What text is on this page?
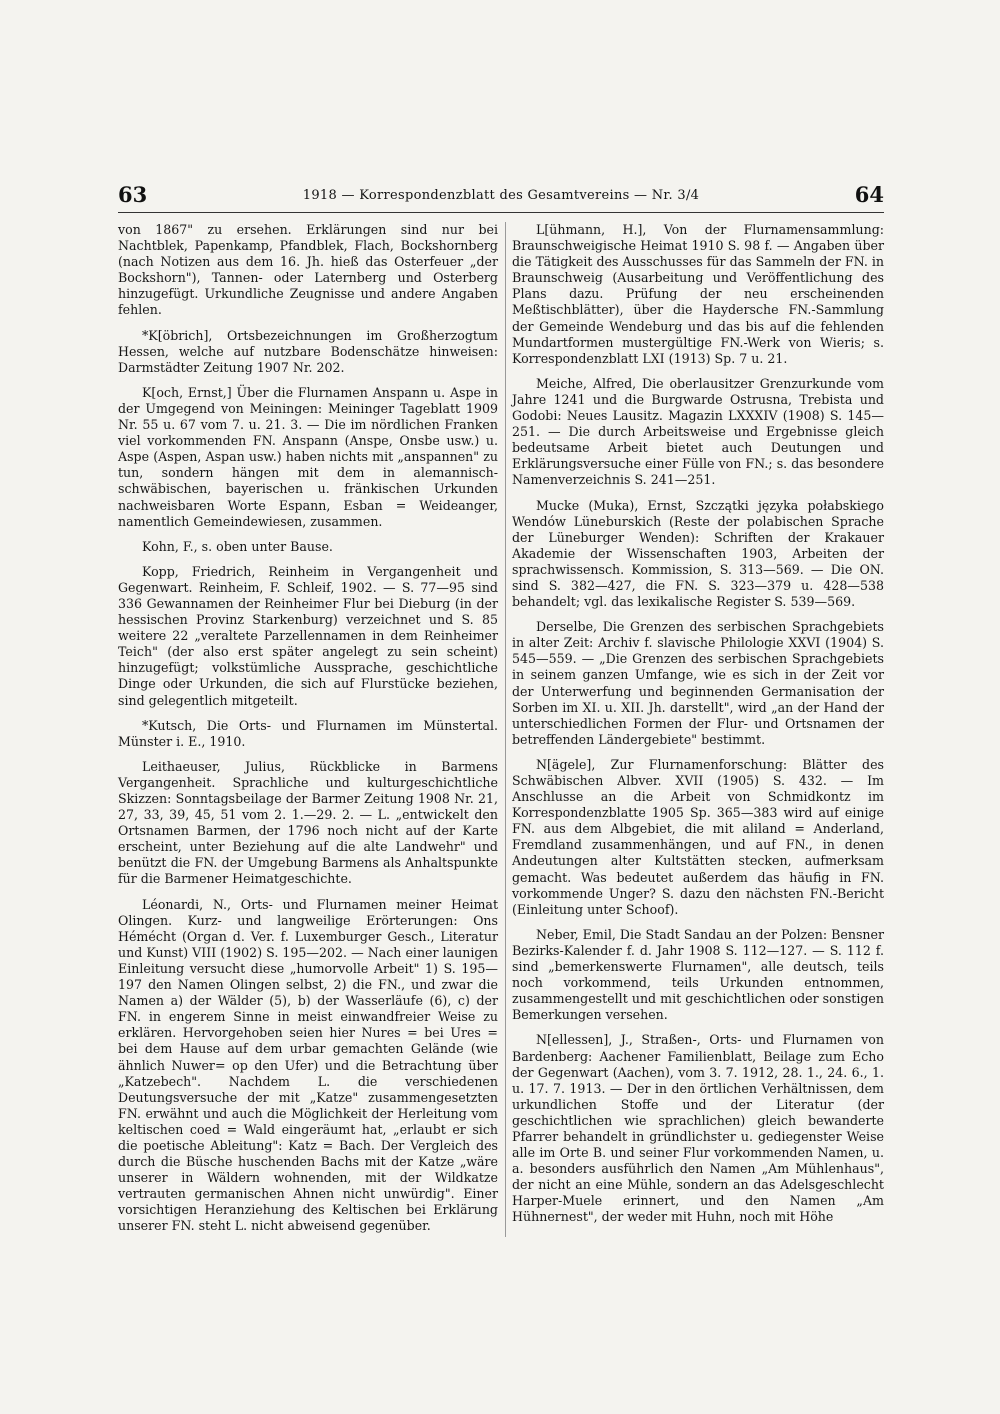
63	1918 — Korrespondenzblatt des Gesamtvereins — Nr. 3/4	64

von 1867" zu ersehen. Erklärungen sind nur bei Nachtblek, Papenkamp, Pfandblek, Flach, Bockshornberg (nach Notizen aus dem 16. Jh. hieß das Osterfeuer „der Bockshorn"), Tannen- oder Laternberg und Osterberg hinzugefügt. Urkundliche Zeugnisse und andere Angaben fehlen.

*K[öbrich], Ortsbezeichnungen im Großherzogtum Hessen, welche auf nutzbare Bodenschätze hinweisen: Darmstädter Zeitung 1907 Nr. 202.

K[och, Ernst,] Über die Flurnamen Anspann u. Aspe in der Umgegend von Meiningen: Meininger Tageblatt 1909 Nr. 55 u. 67 vom 7. u. 21. 3. — Die im nördlichen Franken viel vorkommenden FN. Anspann (Anspe, Onsbe usw.) u. Aspe (Aspen, Aspan usw.) haben nichts mit „anspannen" zu tun, sondern hängen mit dem in alemannisch-schwäbischen, bayerischen u. fränkischen Urkunden nachweisbaren Worte Espann, Esban = Weideanger, namentlich Gemeindewiesen, zusammen.

Kohn, F., s. oben unter Bause.

Kopp, Friedrich, Reinheim in Vergangenheit und Gegenwart. Reinheim, F. Schleif, 1902. — S. 77—95 sind 336 Gewannamen der Reinheimer Flur bei Dieburg (in der hessischen Provinz Starkenburg) verzeichnet und S. 85 weitere 22 „veraltete Parzellennamen in dem Reinheimer Teich" (der also erst später angelegt zu sein scheint) hinzugefügt; volkstümliche Aussprache, geschichtliche Dinge oder Urkunden, die sich auf Flurstücke beziehen, sind gelegentlich mitgeteilt.

*Kutsch, Die Orts- und Flurnamen im Münstertal. Münster i. E., 1910.

Leithaeuser, Julius, Rückblicke in Barmens Vergangenheit. Sprachliche und kulturgeschichtliche Skizzen: Sonntagsbeilage der Barmer Zeitung 1908 Nr. 21, 27, 33, 39, 45, 51 vom 2. 1.—29. 2. — L. „entwickelt den Ortsnamen Barmen, der 1796 noch nicht auf der Karte erscheint, unter Beziehung auf die alte Landwehr" und benützt die FN. der Umgebung Barmens als Anhaltspunkte für die Barmener Heimatgeschichte.

Léonardi, N., Orts- und Flurnamen meiner Heimat Olingen. Kurz- und langweilige Erörterungen: Ons Hémécht (Organ d. Ver. f. Luxemburger Gesch., Literatur und Kunst) VIII (1902) S. 195—202. — Nach einer launigen Einleitung versucht diese „humorvolle Arbeit" 1) S. 195—197 den Namen Olingen selbst, 2) die FN., und zwar die Namen a) der Wälder (5), b) der Wasserläufe (6), c) der FN. in engerem Sinne in meist einwandfreier Weise zu erklären. Hervorgehoben seien hier Nures = bei Ures = bei dem Hause auf dem urbar gemachten Gelände (wie ähnlich Nuwer= op den Ufer) und die Betrachtung über „Katzebech". Nachdem L. die verschiedenen Deutungsversuche der mit „Katze" zusammengesetzten FN. erwähnt und auch die Möglichkeit der Herleitung vom keltischen coed = Wald eingeräumt hat, „erlaubt er sich die poetische Ableitung": Katz = Bach. Der Vergleich des durch die Büsche huschenden Bachs mit der Katze „wäre unserer in Wäldern wohnenden, mit der Wildkatze vertrauten germanischen Ahnen nicht unwürdig". Einer vorsichtigen Heranziehung des Keltischen bei Erklärung unserer FN. steht L. nicht abweisend gegenüber.

L[ühmann, H.], Von der Flurnamensammlung: Braunschweigische Heimat 1910 S. 98 f. — Angaben über die Tätigkeit des Ausschusses für das Sammeln der FN. in Braunschweig (Ausarbeitung und Veröffentlichung des Plans dazu. Prüfung der neu erscheinenden Meßtischblätter), über die Haydersche FN.-Sammlung der Gemeinde Wendeburg und das bis auf die fehlenden Mundartformen mustergültige FN.-Werk von Wieris; s. Korrespondenzblatt LXI (1913) Sp. 7 u. 21.

Meiche, Alfred, Die oberlausitzer Grenzurkunde vom Jahre 1241 und die Burgwarde Ostrusna, Trebista und Godobi: Neues Lausitz. Magazin LXXXIV (1908) S. 145—251. — Die durch Arbeitsweise und Ergebnisse gleich bedeutsame Arbeit bietet auch Deutungen und Erklärungsversuche einer Fülle von FN.; s. das besondere Namenverzeichnis S. 241—251.

Mucke (Muka), Ernst, Szczątki języka połabskiego Wendów Lüneburskich (Reste der polabischen Sprache der Lüneburger Wenden): Schriften der Krakauer Akademie der Wissenschaften 1903, Arbeiten der sprachwissensch. Kommission, S. 313—569. — Die ON. sind S. 382—427, die FN. S. 323—379 u. 428—538 behandelt; vgl. das lexikalische Register S. 539—569.

Derselbe, Die Grenzen des serbischen Sprachgebiets in alter Zeit: Archiv f. slavische Philologie XXVI (1904) S. 545—559. — „Die Grenzen des serbischen Sprachgebiets in seinem ganzen Umfange, wie es sich in der Zeit vor der Unterwerfung und beginnenden Germanisation der Sorben im XI. u. XII. Jh. darstellt", wird „an der Hand der unterschiedlichen Formen der Flur- und Ortsnamen der betreffenden Ländergebiete" bestimmt.

N[ägele], Zur Flurnamenforschung: Blätter des Schwäbischen Albver. XVII (1905) S. 432. — Im Anschlusse an die Arbeit von Schmidkontz im Korrespondenzblatte 1905 Sp. 365—383 wird auf einige FN. aus dem Albgebiet, die mit aliland = Anderland, Fremdland zusammenhängen, und auf FN., in denen Andeutungen alter Kultstätten stecken, aufmerksam gemacht. Was bedeutet außerdem das häufig in FN. vorkommende Unger? S. dazu den nächsten FN.-Bericht (Einleitung unter Schoof).

Neber, Emil, Die Stadt Sandau an der Polzen: Bensner Bezirks-Kalender f. d. Jahr 1908 S. 112—127. — S. 112 f. sind „bemerkenswerte Flurnamen", alle deutsch, teils noch vorkommend, teils Urkunden entnommen, zusammengestellt und mit geschichtlichen oder sonstigen Bemerkungen versehen.

N[ellessen], J., Straßen-, Orts- und Flurnamen von Bardenberg: Aachener Familienblatt, Beilage zum Echo der Gegenwart (Aachen), vom 3. 7. 1912, 28. 1., 24. 6., 1. u. 17. 7. 1913. — Der in den örtlichen Verhältnissen, dem urkundlichen Stoffe und der Literatur (der geschichtlichen wie sprachlichen) gleich bewanderte Pfarrer behandelt in gründlichster u. gediegenster Weise alle im Orte B. und seiner Flur vorkommenden Namen, u. a. besonders ausführlich den Namen „Am Mühlenhaus", der nicht an eine Mühle, sondern an das Adelsgeschlecht Harper-Muele erinnert, und den Namen „Am Hühnernest", der weder mit Huhn, noch mit Höhe
